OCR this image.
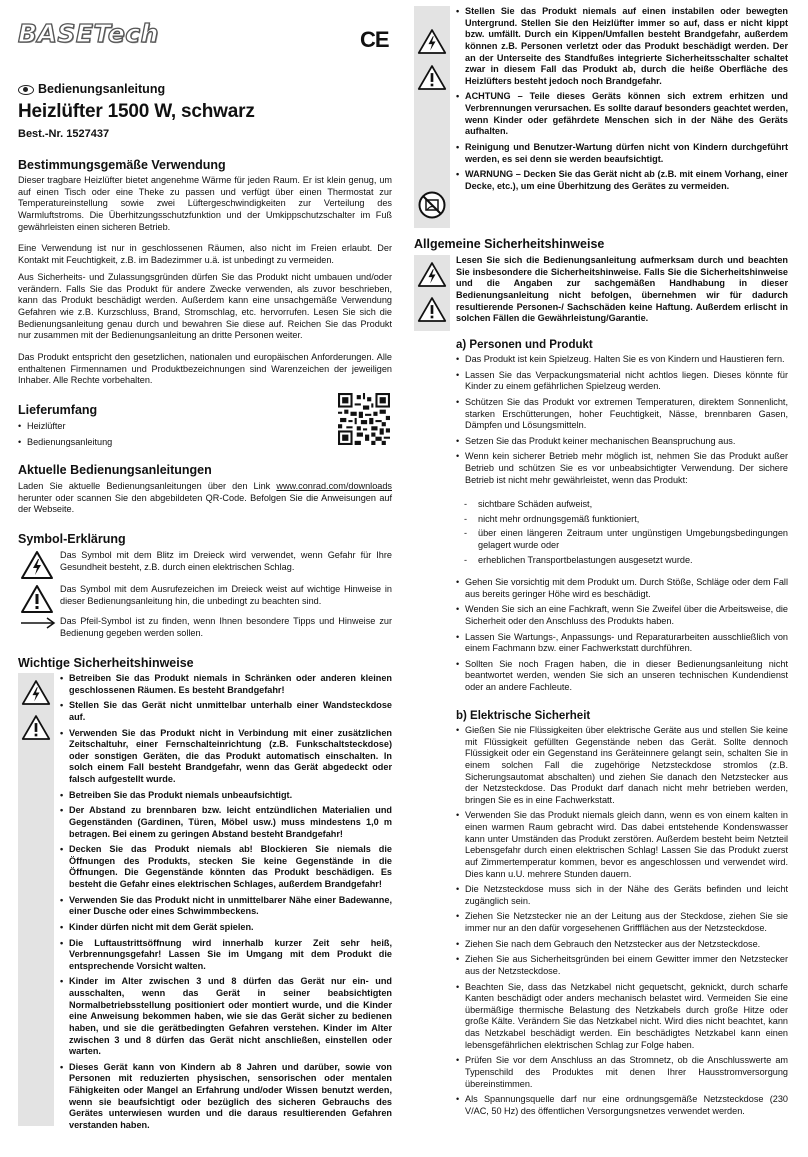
BASETech	CE
Bedienungsanleitung
Heizlüfter 1500 W, schwarz
Best.-Nr. 1527437
Bestimmungsgemäße Verwendung
Dieser tragbare Heizlüfter bietet angenehme Wärme für jeden Raum. Er ist klein genug, um auf einen Tisch oder eine Theke zu passen und verfügt über einen Thermostat zur Temperatureinstellung sowie zwei Lüftergeschwindigkeiten zur Verteilung des Warmluftstroms. Die Überhitzungsschutzfunktion und der Umkippschutzschalter im Fuß gewährleisten einen sicheren Betrieb.
Eine Verwendung ist nur in geschlossenen Räumen, also nicht im Freien erlaubt. Der Kontakt mit Feuchtigkeit, z.B. im Badezimmer u.ä. ist unbedingt zu vermeiden.
Aus Sicherheits- und Zulassungsgründen dürfen Sie das Produkt nicht umbauen und/oder verändern. Falls Sie das Produkt für andere Zwecke verwenden, als zuvor beschrieben, kann das Produkt beschädigt werden. Außerdem kann eine unsachgemäße Verwendung Gefahren wie z.B. Kurzschluss, Brand, Stromschlag, etc. hervorrufen. Lesen Sie sich die Bedienungsanleitung genau durch und bewahren Sie diese auf. Reichen Sie das Produkt nur zusammen mit der Bedienungsanleitung an dritte Personen weiter.
Das Produkt entspricht den gesetzlichen, nationalen und europäischen Anforderungen. Alle enthaltenen Firmennamen und Produktbezeichnungen sind Warenzeichen der jeweiligen Inhaber. Alle Rechte vorbehalten.
Lieferumfang
• Heizlüfter
• Bedienungsanleitung
Aktuelle Bedienungsanleitungen
Laden Sie aktuelle Bedienungsanleitungen über den Link www.conrad.com/downloads herunter oder scannen Sie den abgebildeten QR-Code. Befolgen Sie die Anweisungen auf der Webseite.
Symbol-Erklärung
Das Symbol mit dem Blitz im Dreieck wird verwendet, wenn Gefahr für Ihre Gesundheit besteht, z.B. durch einen elektrischen Schlag.
Das Symbol mit dem Ausrufezeichen im Dreieck weist auf wichtige Hinweise in dieser Bedienungsanleitung hin, die unbedingt zu beachten sind.
Das Pfeil-Symbol ist zu finden, wenn Ihnen besondere Tipps und Hinweise zur Bedienung gegeben werden sollen.
Wichtige Sicherheitshinweise
• Betreiben Sie das Produkt niemals in Schränken oder anderen kleinen geschlossenen Räumen. Es besteht Brandgefahr!
• Stellen Sie das Gerät nicht unmittelbar unterhalb einer Wandsteckdose auf.
• Verwenden Sie das Produkt nicht in Verbindung mit einer zusätzlichen Zeitschaltuhr, einer Fernschalteinrichtung (z.B. Funkschaltsteckdose) oder sonstigen Geräten, die das Produkt automatisch einschalten. In solch einem Fall besteht Brandgefahr, wenn das Gerät abgedeckt oder falsch aufgestellt wurde.
• Betreiben Sie das Produkt niemals unbeaufsichtigt.
• Der Abstand zu brennbaren bzw. leicht entzündlichen Materialien und Gegenständen (Gardinen, Türen, Möbel usw.) muss mindestens 1,0 m betragen. Bei einem zu geringen Abstand besteht Brandgefahr!
• Decken Sie das Produkt niemals ab! Blockieren Sie niemals die Öffnungen des Produkts, stecken Sie keine Gegenstände in die Öffnungen. Die Gegenstände könnten das Produkt beschädigen. Es besteht die Gefahr eines elektrischen Schlages, außerdem Brandgefahr!
• Verwenden Sie das Produkt nicht in unmittelbarer Nähe einer Badewanne, einer Dusche oder eines Schwimmbeckens.
• Kinder dürfen nicht mit dem Gerät spielen.
• Die Luftaustrittsöffnung wird innerhalb kurzer Zeit sehr heiß, Verbrennungsgefahr! Lassen Sie im Umgang mit dem Produkt die entsprechende Vorsicht walten.
• Kinder im Alter zwischen 3 und 8 dürfen das Gerät nur ein- und ausschalten, wenn das Gerät in seiner beabsichtigten Normalbetriebsstellung positioniert oder montiert wurde, und die Kinder eine Anweisung bekommen haben, wie sie das Gerät sicher zu bedienen haben, und sie die gerätbedingten Gefahren verstehen. Kinder im Alter zwischen 3 und 8 dürfen das Gerät nicht anschließen, einstellen oder warten.
• Dieses Gerät kann von Kindern ab 8 Jahren und darüber, sowie von Personen mit reduzierten physischen, sensorischen oder mentalen Fähigkeiten oder Mangel an Erfahrung und/oder Wissen benutzt werden, wenn sie beaufsichtigt oder bezüglich des sicheren Gebrauchs des Gerätes unterwiesen wurden und die daraus resultierenden Gefahren verstanden haben.
• Stellen Sie das Produkt niemals auf einen instabilen oder bewegten Untergrund. Stellen Sie den Heizlüfter immer so auf, dass er nicht kippt bzw. umfällt. Durch ein Kippen/Umfallen besteht Brandgefahr, außerdem können z.B. Personen verletzt oder das Produkt beschädigt werden. Der an der Unterseite des Standfußes integrierte Sicherheitsschalter schaltet zwar in diesem Fall das Produkt ab, durch die heiße Oberfläche des Heizlüfters besteht jedoch noch Brandgefahr.
• ACHTUNG – Teile dieses Geräts können sich extrem erhitzen und Verbrennungen verursachen. Es sollte darauf besonders geachtet werden, wenn Kinder oder gefährdete Menschen sich in der Nähe des Geräts aufhalten.
• Reinigung und Benutzer-Wartung dürfen nicht von Kindern durchgeführt werden, es sei denn sie werden beaufsichtigt.
• WARNUNG – Decken Sie das Gerät nicht ab (z.B. mit einem Vorhang, einer Decke, etc.), um eine Überhitzung des Gerätes zu vermeiden.
Allgemeine Sicherheitshinweise
Lesen Sie sich die Bedienungsanleitung aufmerksam durch und beachten Sie insbesondere die Sicherheitshinweise. Falls Sie die Sicherheitshinweise und die Angaben zur sachgemäßen Handhabung in dieser Bedienungsanleitung nicht befolgen, übernehmen wir für dadurch resultierende Personen-/ Sachschäden keine Haftung. Außerdem erlischt in solchen Fällen die Gewährleistung/Garantie.
a) Personen und Produkt
• Das Produkt ist kein Spielzeug. Halten Sie es von Kindern und Haustieren fern.
• Lassen Sie das Verpackungsmaterial nicht achtlos liegen. Dieses könnte für Kinder zu einem gefährlichen Spielzeug werden.
• Schützen Sie das Produkt vor extremen Temperaturen, direktem Sonnenlicht, starken Erschütterungen, hoher Feuchtigkeit, Nässe, brennbaren Gasen, Dämpfen und Lösungsmitteln.
• Setzen Sie das Produkt keiner mechanischen Beanspruchung aus.
• Wenn kein sicherer Betrieb mehr möglich ist, nehmen Sie das Produkt außer Betrieb und schützen Sie es vor unbeabsichtigter Verwendung. Der sichere Betrieb ist nicht mehr gewährleistet, wenn das Produkt:
- sichtbare Schäden aufweist,
- nicht mehr ordnungsgemäß funktioniert,
- über einen längeren Zeitraum unter ungünstigen Umgebungsbedingungen gelagert wurde oder
- erheblichen Transportbelastungen ausgesetzt wurde.
• Gehen Sie vorsichtig mit dem Produkt um. Durch Stöße, Schläge oder dem Fall aus bereits geringer Höhe wird es beschädigt.
• Wenden Sie sich an eine Fachkraft, wenn Sie Zweifel über die Arbeitsweise, die Sicherheit oder den Anschluss des Produkts haben.
• Lassen Sie Wartungs-, Anpassungs- und Reparaturarbeiten ausschließlich von einem Fachmann bzw. einer Fachwerkstatt durchführen.
• Sollten Sie noch Fragen haben, die in dieser Bedienungsanleitung nicht beantwortet werden, wenden Sie sich an unseren technischen Kundendienst oder an andere Fachleute.
b) Elektrische Sicherheit
• Gießen Sie nie Flüssigkeiten über elektrische Geräte aus und stellen Sie keine mit Flüssigkeit gefüllten Gegenstände neben das Gerät. Sollte dennoch Flüssigkeit oder ein Gegenstand ins Geräteinnere gelangt sein, schalten Sie in einem solchen Fall die zugehörige Netzsteckdose stromlos (z.B. Sicherungsautomat abschalten) und ziehen Sie danach den Netzstecker aus der Netzsteckdose. Das Produkt darf danach nicht mehr betrieben werden, bringen Sie es in eine Fachwerkstatt.
• Verwenden Sie das Produkt niemals gleich dann, wenn es von einem kalten in einen warmen Raum gebracht wird. Das dabei entstehende Kondenswasser kann unter Umständen das Produkt zerstören. Außerdem besteht beim Netzteil Lebensgefahr durch einen elektrischen Schlag! Lassen Sie das Produkt zuerst auf Zimmertemperatur kommen, bevor es angeschlossen und verwendet wird. Dies kann u.U. mehrere Stunden dauern.
• Die Netzsteckdose muss sich in der Nähe des Geräts befinden und leicht zugänglich sein.
• Ziehen Sie Netzstecker nie an der Leitung aus der Steckdose, ziehen Sie sie immer nur an den dafür vorgesehenen Griffflächen aus der Netzsteckdose.
• Ziehen Sie nach dem Gebrauch den Netzstecker aus der Netzsteckdose.
• Ziehen Sie aus Sicherheitsgründen bei einem Gewitter immer den Netzstecker aus der Netzsteckdose.
• Beachten Sie, dass das Netzkabel nicht gequetscht, geknickt, durch scharfe Kanten beschädigt oder anders mechanisch belastet wird. Vermeiden Sie eine übermäßige thermische Belastung des Netzkabels durch große Hitze oder große Kälte. Verändern Sie das Netzkabel nicht. Wird dies nicht beachtet, kann das Netzkabel beschädigt werden. Ein beschädigtes Netzkabel kann einen lebensgefährlichen elektrischen Schlag zur Folge haben.
• Prüfen Sie vor dem Anschluss an das Stromnetz, ob die Anschlusswerte am Typenschild des Produktes mit denen Ihrer Hausstromversorgung übereinstimmen.
• Als Spannungsquelle darf nur eine ordnungsgemäße Netzsteckdose (230 V/AC, 50 Hz) des öffentlichen Versorgungsnetzes verwendet werden.
